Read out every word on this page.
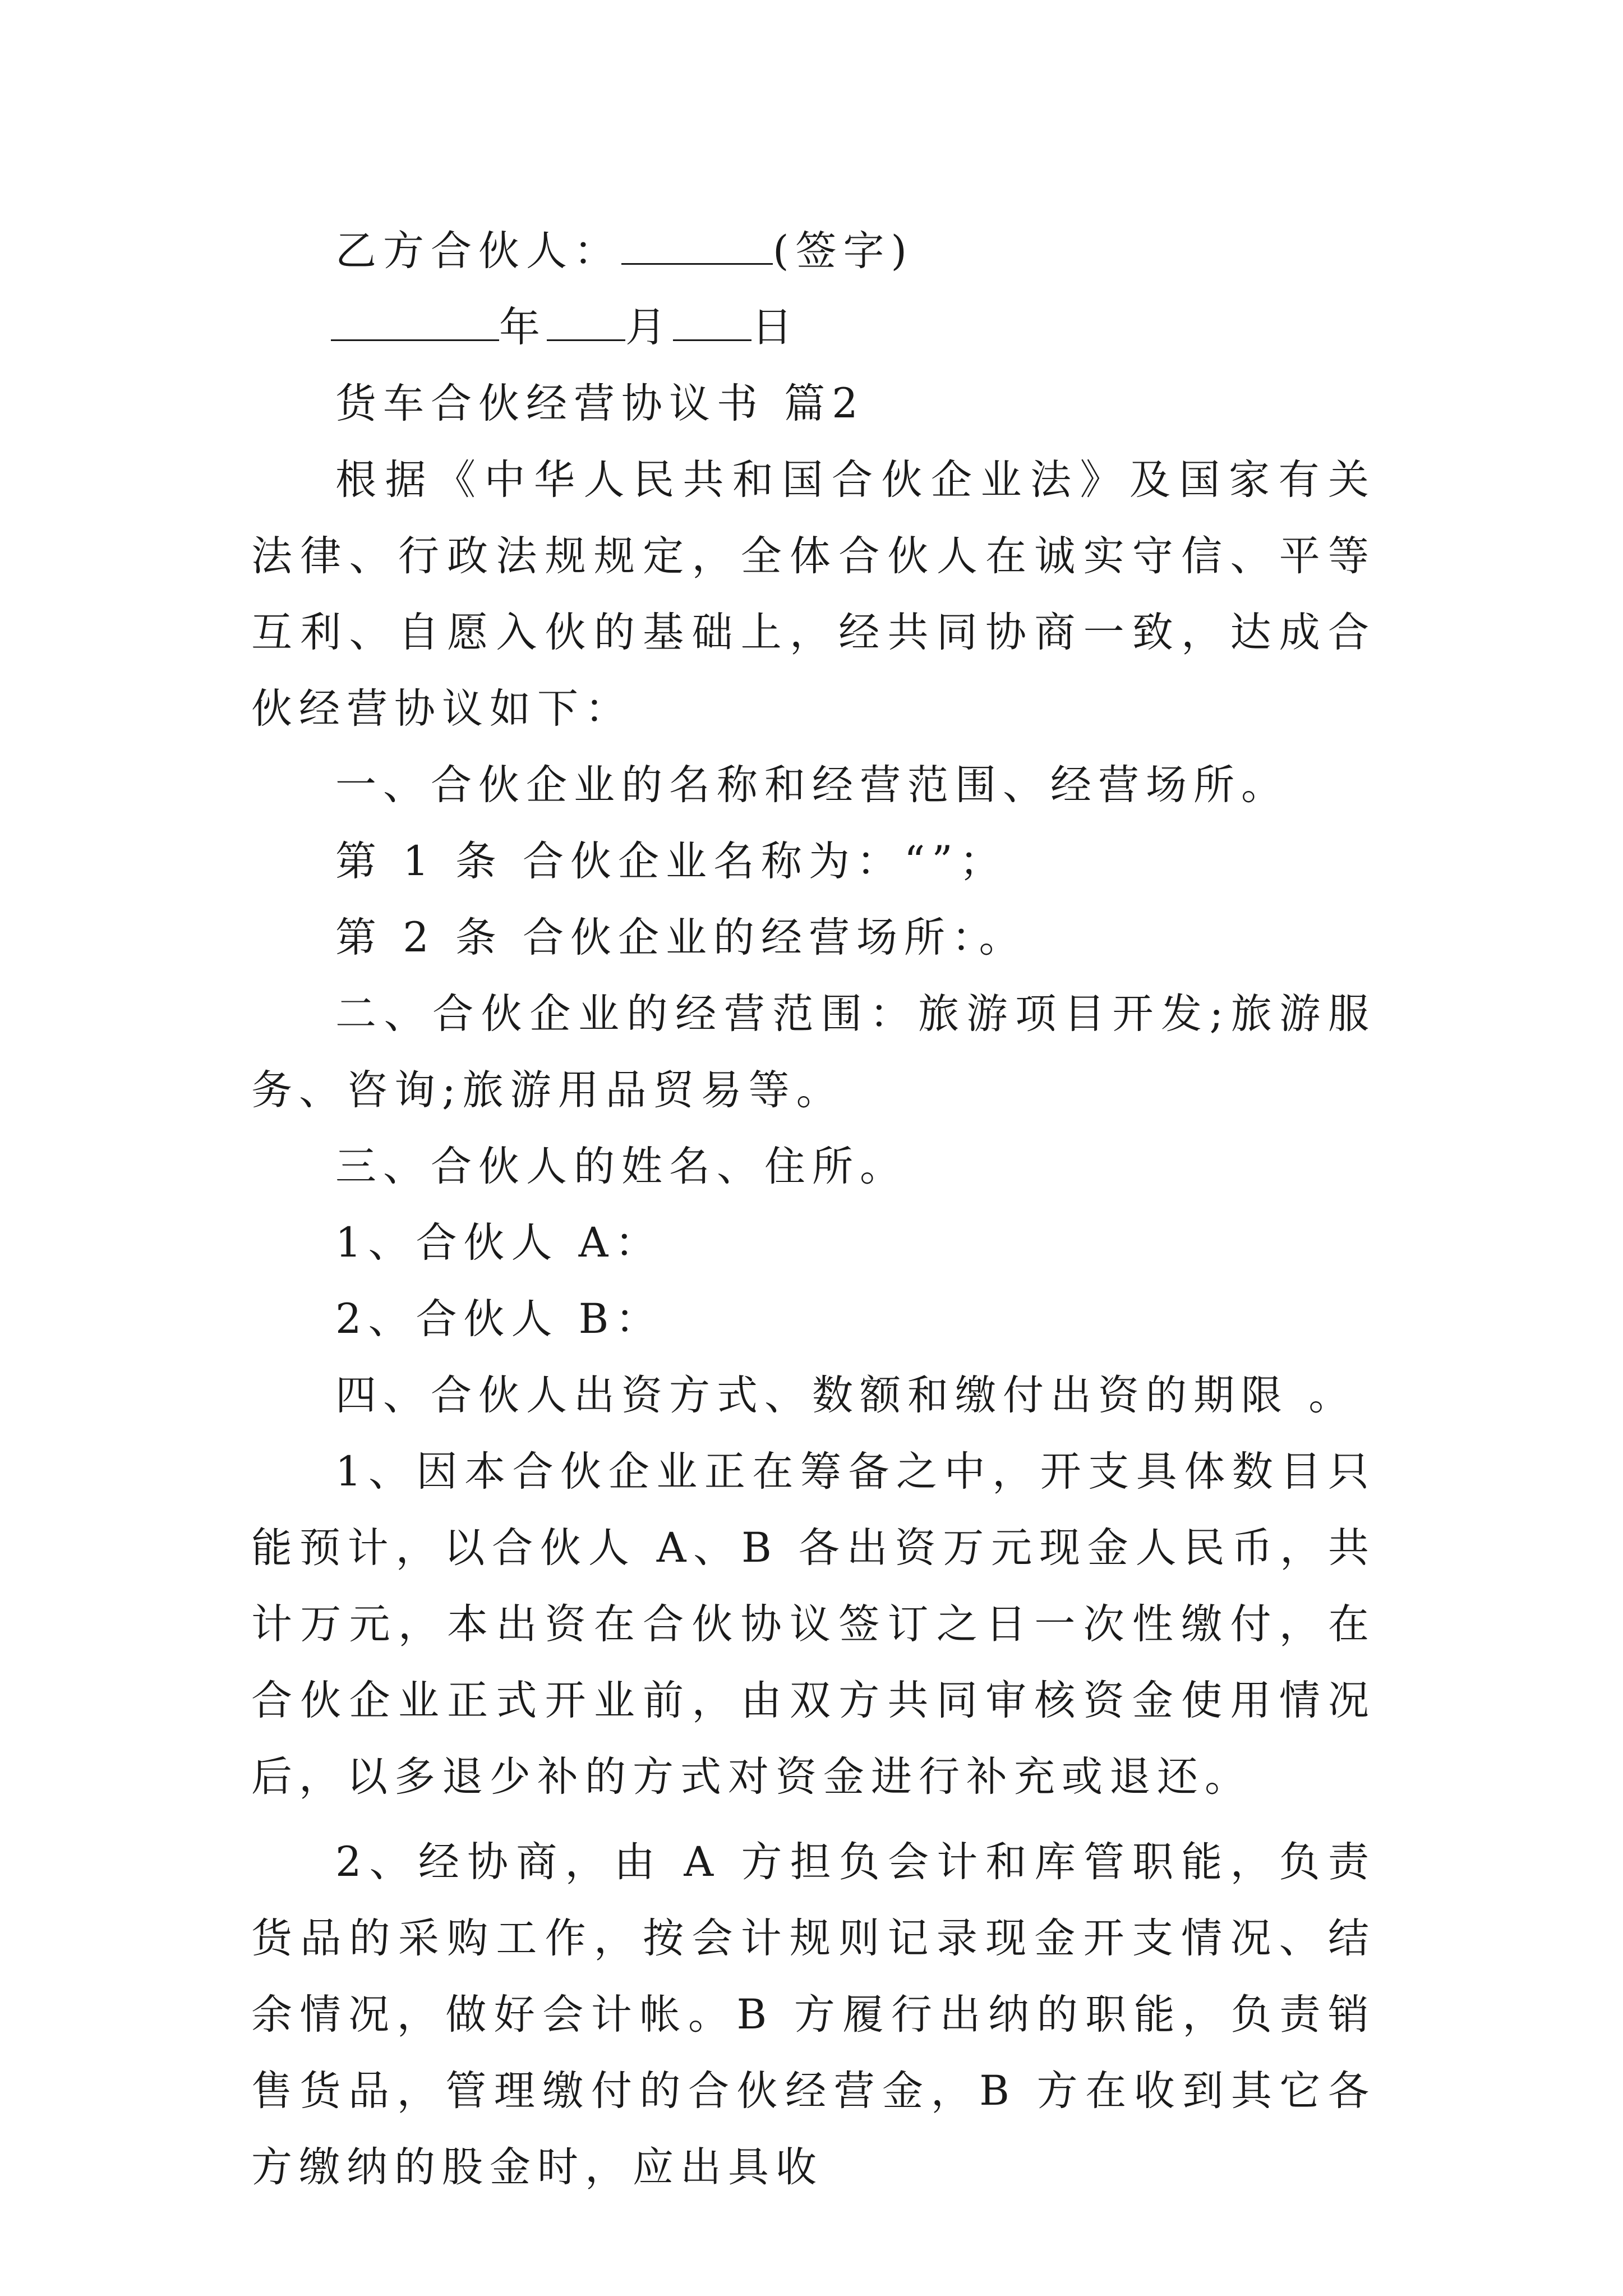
乙方合伙人：	(签字)

年 月 日

货车合伙经营协议书 篇2

根据《中华人民共和国合伙企业法》及国家有关法律、行政法规规定，全体合伙人在诚实守信、平等互利、自愿入伙的基础上，经共同协商一致，达成合伙经营协议如下：

一、合伙企业的名称和经营范围、经营场所。

第 1 条 合伙企业名称为：“”；

第 2 条 合伙企业的经营场所：。

二、合伙企业的经营范围：旅游项目开发;旅游服务、咨询;旅游用品贸易等。

三、合伙人的姓名、住所。

1、合伙人 A：

2、合伙人 B：

四、合伙人出资方式、数额和缴付出资的期限 。

1、因本合伙企业正在筹备之中，开支具体数目只能预计，以合伙人 A、B 各出资万元现金人民币，共计万元，本出资在合伙协议签订之日一次性缴付，在合伙企业正式开业前，由双方共同审核资金使用情况后，以多退少补的方式对资金进行补充或退还。

2、经协商，由 A 方担负会计和库管职能，负责货品的采购工作，按会计规则记录现金开支情况、结余情况，做好会计帐。B 方履行出纳的职能，负责销售货品，管理缴付的合伙经营金，B 方在收到其它各方缴纳的股金时，应出具收
